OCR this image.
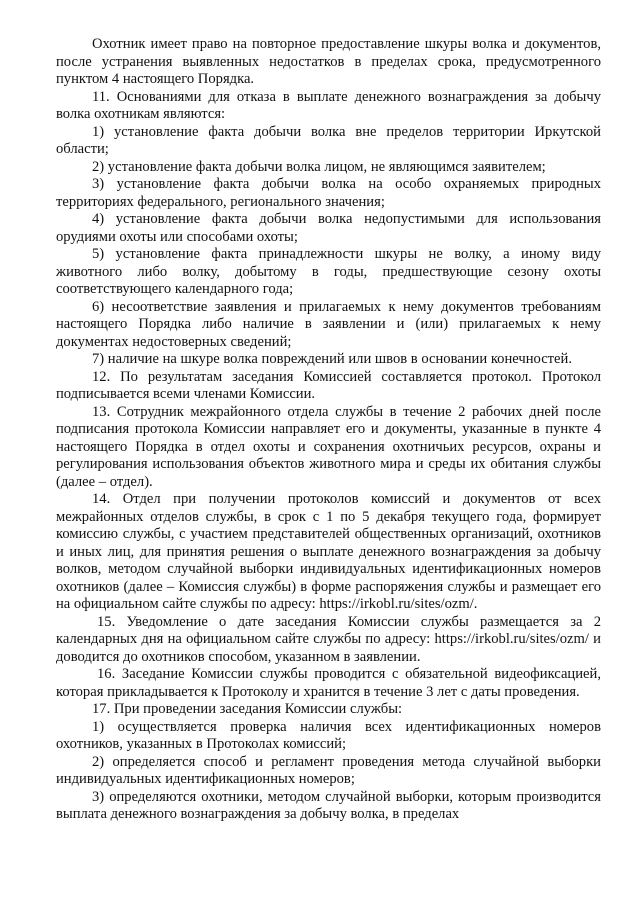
Охотник имеет право на повторное предоставление шкуры волка и документов, после устранения выявленных недостатков в пределах срока, предусмотренного пунктом 4 настоящего Порядка.

11. Основаниями для отказа в выплате денежного вознаграждения за добычу волка охотникам являются:

1) установление факта добычи волка вне пределов территории Иркутской области;

2) установление факта добычи волка лицом, не являющимся заявителем;

3) установление факта добычи волка на особо охраняемых природных территориях федерального, регионального значения;

4) установление факта добычи волка недопустимыми для использования орудиями охоты или способами охоты;

5) установление факта принадлежности шкуры не волку, а иному виду животного либо волку, добытому в годы, предшествующие сезону охоты соответствующего календарного года;

6) несоответствие заявления и прилагаемых к нему документов требованиям настоящего Порядка либо наличие в заявлении и (или) прилагаемых к нему документах недостоверных сведений;

7) наличие на шкуре волка повреждений или швов в основании конечностей.

12. По результатам заседания Комиссией составляется протокол. Протокол подписывается всеми членами Комиссии.

13. Сотрудник межрайонного отдела службы в течение 2 рабочих дней после подписания протокола Комиссии направляет его и документы, указанные в пункте 4 настоящего Порядка в отдел охоты и сохранения охотничьих ресурсов, охраны и регулирования использования объектов животного мира и среды их обитания службы (далее – отдел).

14. Отдел при получении протоколов комиссий и документов от всех межрайонных отделов службы, в срок с 1 по 5 декабря текущего года, формирует комиссию службы, с участием представителей общественных организаций, охотников и иных лиц, для принятия решения о выплате денежного вознаграждения за добычу волков, методом случайной выборки индивидуальных идентификационных номеров охотников (далее – Комиссия службы) в форме распоряжения службы и размещает его на официальном сайте службы по адресу: https://irkobl.ru/sites/ozm/.

15. Уведомление о дате заседания Комиссии службы размещается за 2 календарных дня на официальном сайте службы по адресу: https://irkobl.ru/sites/ozm/ и доводится до охотников способом, указанном в заявлении.

16. Заседание Комиссии службы проводится с обязательной видеофиксацией, которая прикладывается к Протоколу и хранится в течение 3 лет с даты проведения.

17. При проведении заседания Комиссии службы:

1) осуществляется проверка наличия всех идентификационных номеров охотников, указанных в Протоколах комиссий;

2) определяется способ и регламент проведения метода случайной выборки индивидуальных идентификационных номеров;

3) определяются охотники, методом случайной выборки, которым производится выплата денежного вознаграждения за добычу волка, в пределах
